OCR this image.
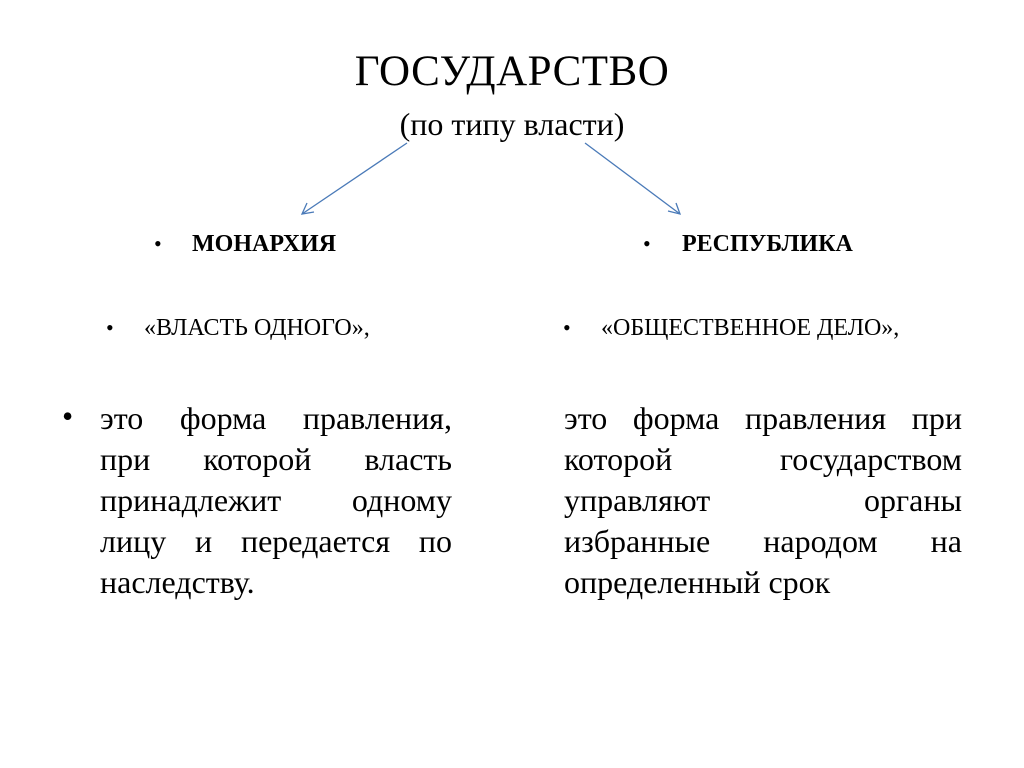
ГОСУДАРСТВО
(по типу власти)
• МОНАРХИЯ
• «ВЛАСТЬ ОДНОГО»,
• это форма правления,
при которой власть
принадлежит одному
лицу и передается по
наследству.
• РЕСПУБЛИКА
• «ОБЩЕСТВЕННОЕ ДЕЛО»,
это форма правления при
которой государством
управляют органы
избранные народом на
определенный срок
